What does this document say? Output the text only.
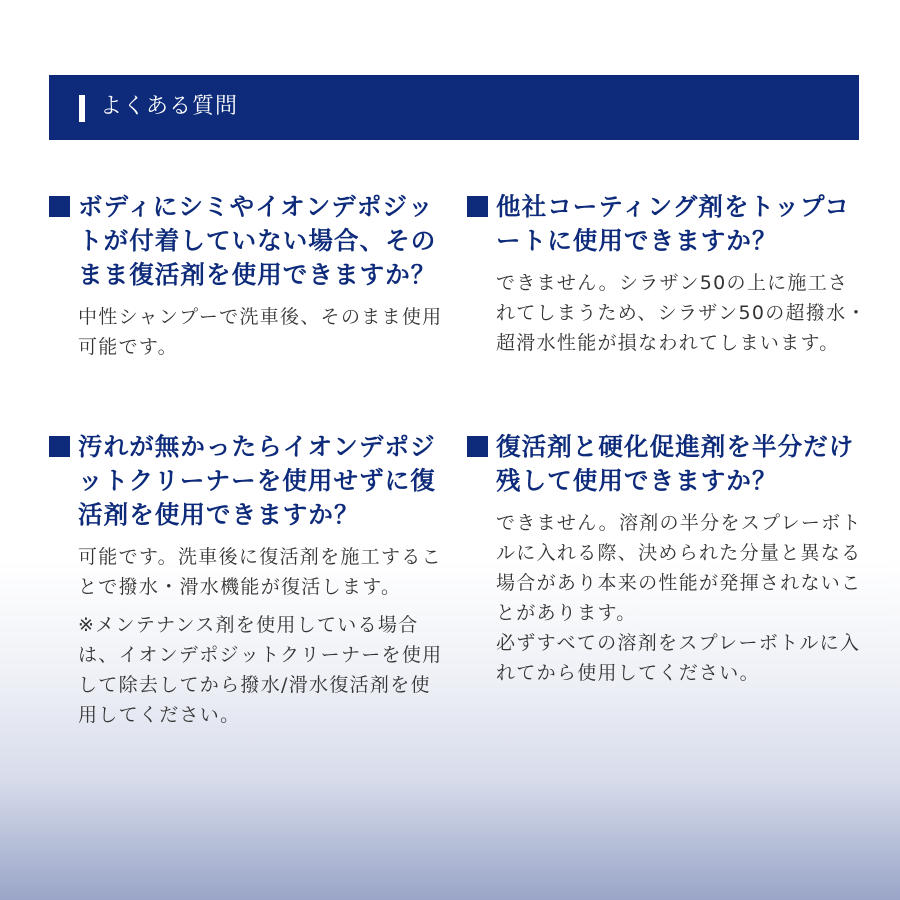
よくある質問
ボディにシミやイオンデポジットが付着していない場合、そのまま復活剤を使用できますか？

中性シャンプーで洗車後、そのまま使用可能です。

他社コーティング剤をトップコートに使用できますか？

できません。シラザン50の上に施工されてしまうため、シラザン50の超撥水・超滑水性能が損なわれてしまいます。

汚れが無かったらイオンデポジットクリーナーを使用せずに復活剤を使用できますか？

可能です。洗車後に復活剤を施工することで撥水・滑水機能が復活します。

※メンテナンス剤を使用している場合は、イオンデポジットクリーナーを使用して除去してから撥水/滑水復活剤を使用してください。

復活剤と硬化促進剤を半分だけ残して使用できますか？

できません。溶剤の半分をスプレーボトルに入れる際、決められた分量と異なる場合があり本来の性能が発揮されないことがあります。

必ずすべての溶剤をスプレーボトルに入れてから使用してください。
